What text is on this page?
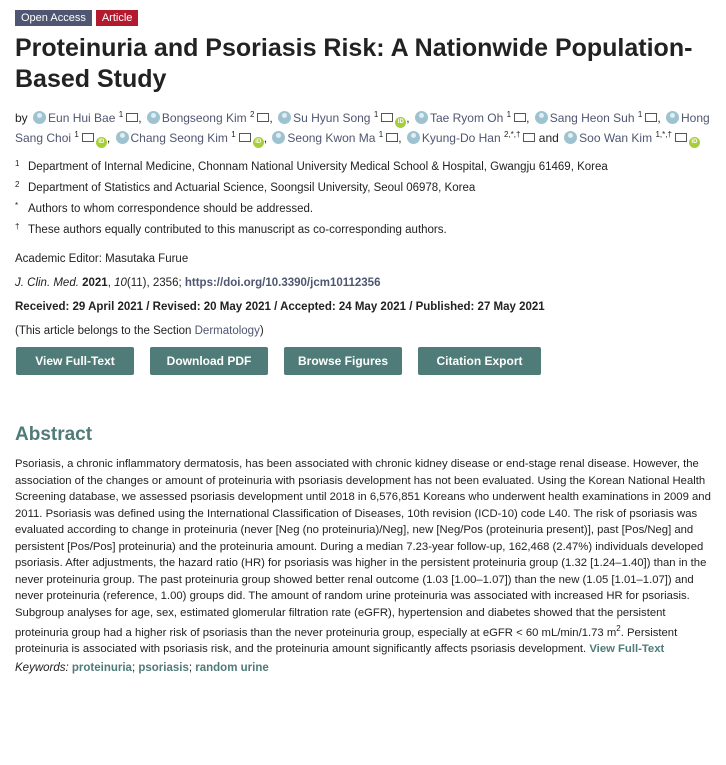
Open Access	Article
Proteinuria and Psoriasis Risk: A Nationwide Population-Based Study
by Eun Hui Bae $^1$ , Bongseong Kim $^2$ , Su Hyun Song $^1$iD , Tae Ryom Oh $^1$ , Sang Heon Suh $^1$ , Hong Sang Choi $^1$iD , Chang Seong Kim $^1$iD , Seong Kwon Ma $^1$ , Kyung-Do Han $^{2,*,\dagger}$ and Soo Wan Kim $^{1,*,\dagger}$iD
1 Department of Internal Medicine, Chonnam National University Medical School & Hospital, Gwangju 61469, Korea
2 Department of Statistics and Actuarial Science, Soongsil University, Seoul 06978, Korea
* Authors to whom correspondence should be addressed.
† These authors equally contributed to this manuscript as co-corresponding authors.
Academic Editor: Masutaka Furue
J. Clin. Med. 2021, 10(11), 2356; https://doi.org/10.3390/jcm10112356
Received: 29 April 2021 / Revised: 20 May 2021 / Accepted: 24 May 2021 / Published: 27 May 2021
(This article belongs to the Section Dermatology)
View Full-Text	Download PDF	Browse Figures	Citation Export
Abstract
Psoriasis, a chronic inflammatory dermatosis, has been associated with chronic kidney disease or end-stage renal disease. However, the association of the changes or amount of proteinuria with psoriasis development has not been evaluated. Using the Korean National Health Screening database, we assessed psoriasis development until 2018 in 6,576,851 Koreans who underwent health examinations in 2009 and 2011. Psoriasis was defined using the International Classification of Diseases, 10th revision (ICD-10) code L40. The risk of psoriasis was evaluated according to change in proteinuria (never [Neg (no proteinuria)/Neg], new [Neg/Pos (proteinuria present)], past [Pos/Neg] and persistent [Pos/Pos] proteinuria) and the proteinuria amount. During a median 7.23-year follow-up, 162,468 (2.47%) individuals developed psoriasis. After adjustments, the hazard ratio (HR) for psoriasis was higher in the persistent proteinuria group (1.32 [1.24–1.40]) than in the never proteinuria group. The past proteinuria group showed better renal outcome (1.03 [1.00–1.07]) than the new (1.05 [1.01–1.07]) and never proteinuria (reference, 1.00) groups did. The amount of random urine proteinuria was associated with increased HR for psoriasis. Subgroup analyses for age, sex, estimated glomerular filtration rate (eGFR), hypertension and diabetes showed that the persistent proteinuria group had a higher risk of psoriasis than the never proteinuria group, especially at eGFR < 60 mL/min/1.73 $m^2$. Persistent proteinuria is associated with psoriasis risk, and the proteinuria amount significantly affects psoriasis development. View Full-Text
Keywords: proteinuria; psoriasis; random urine
